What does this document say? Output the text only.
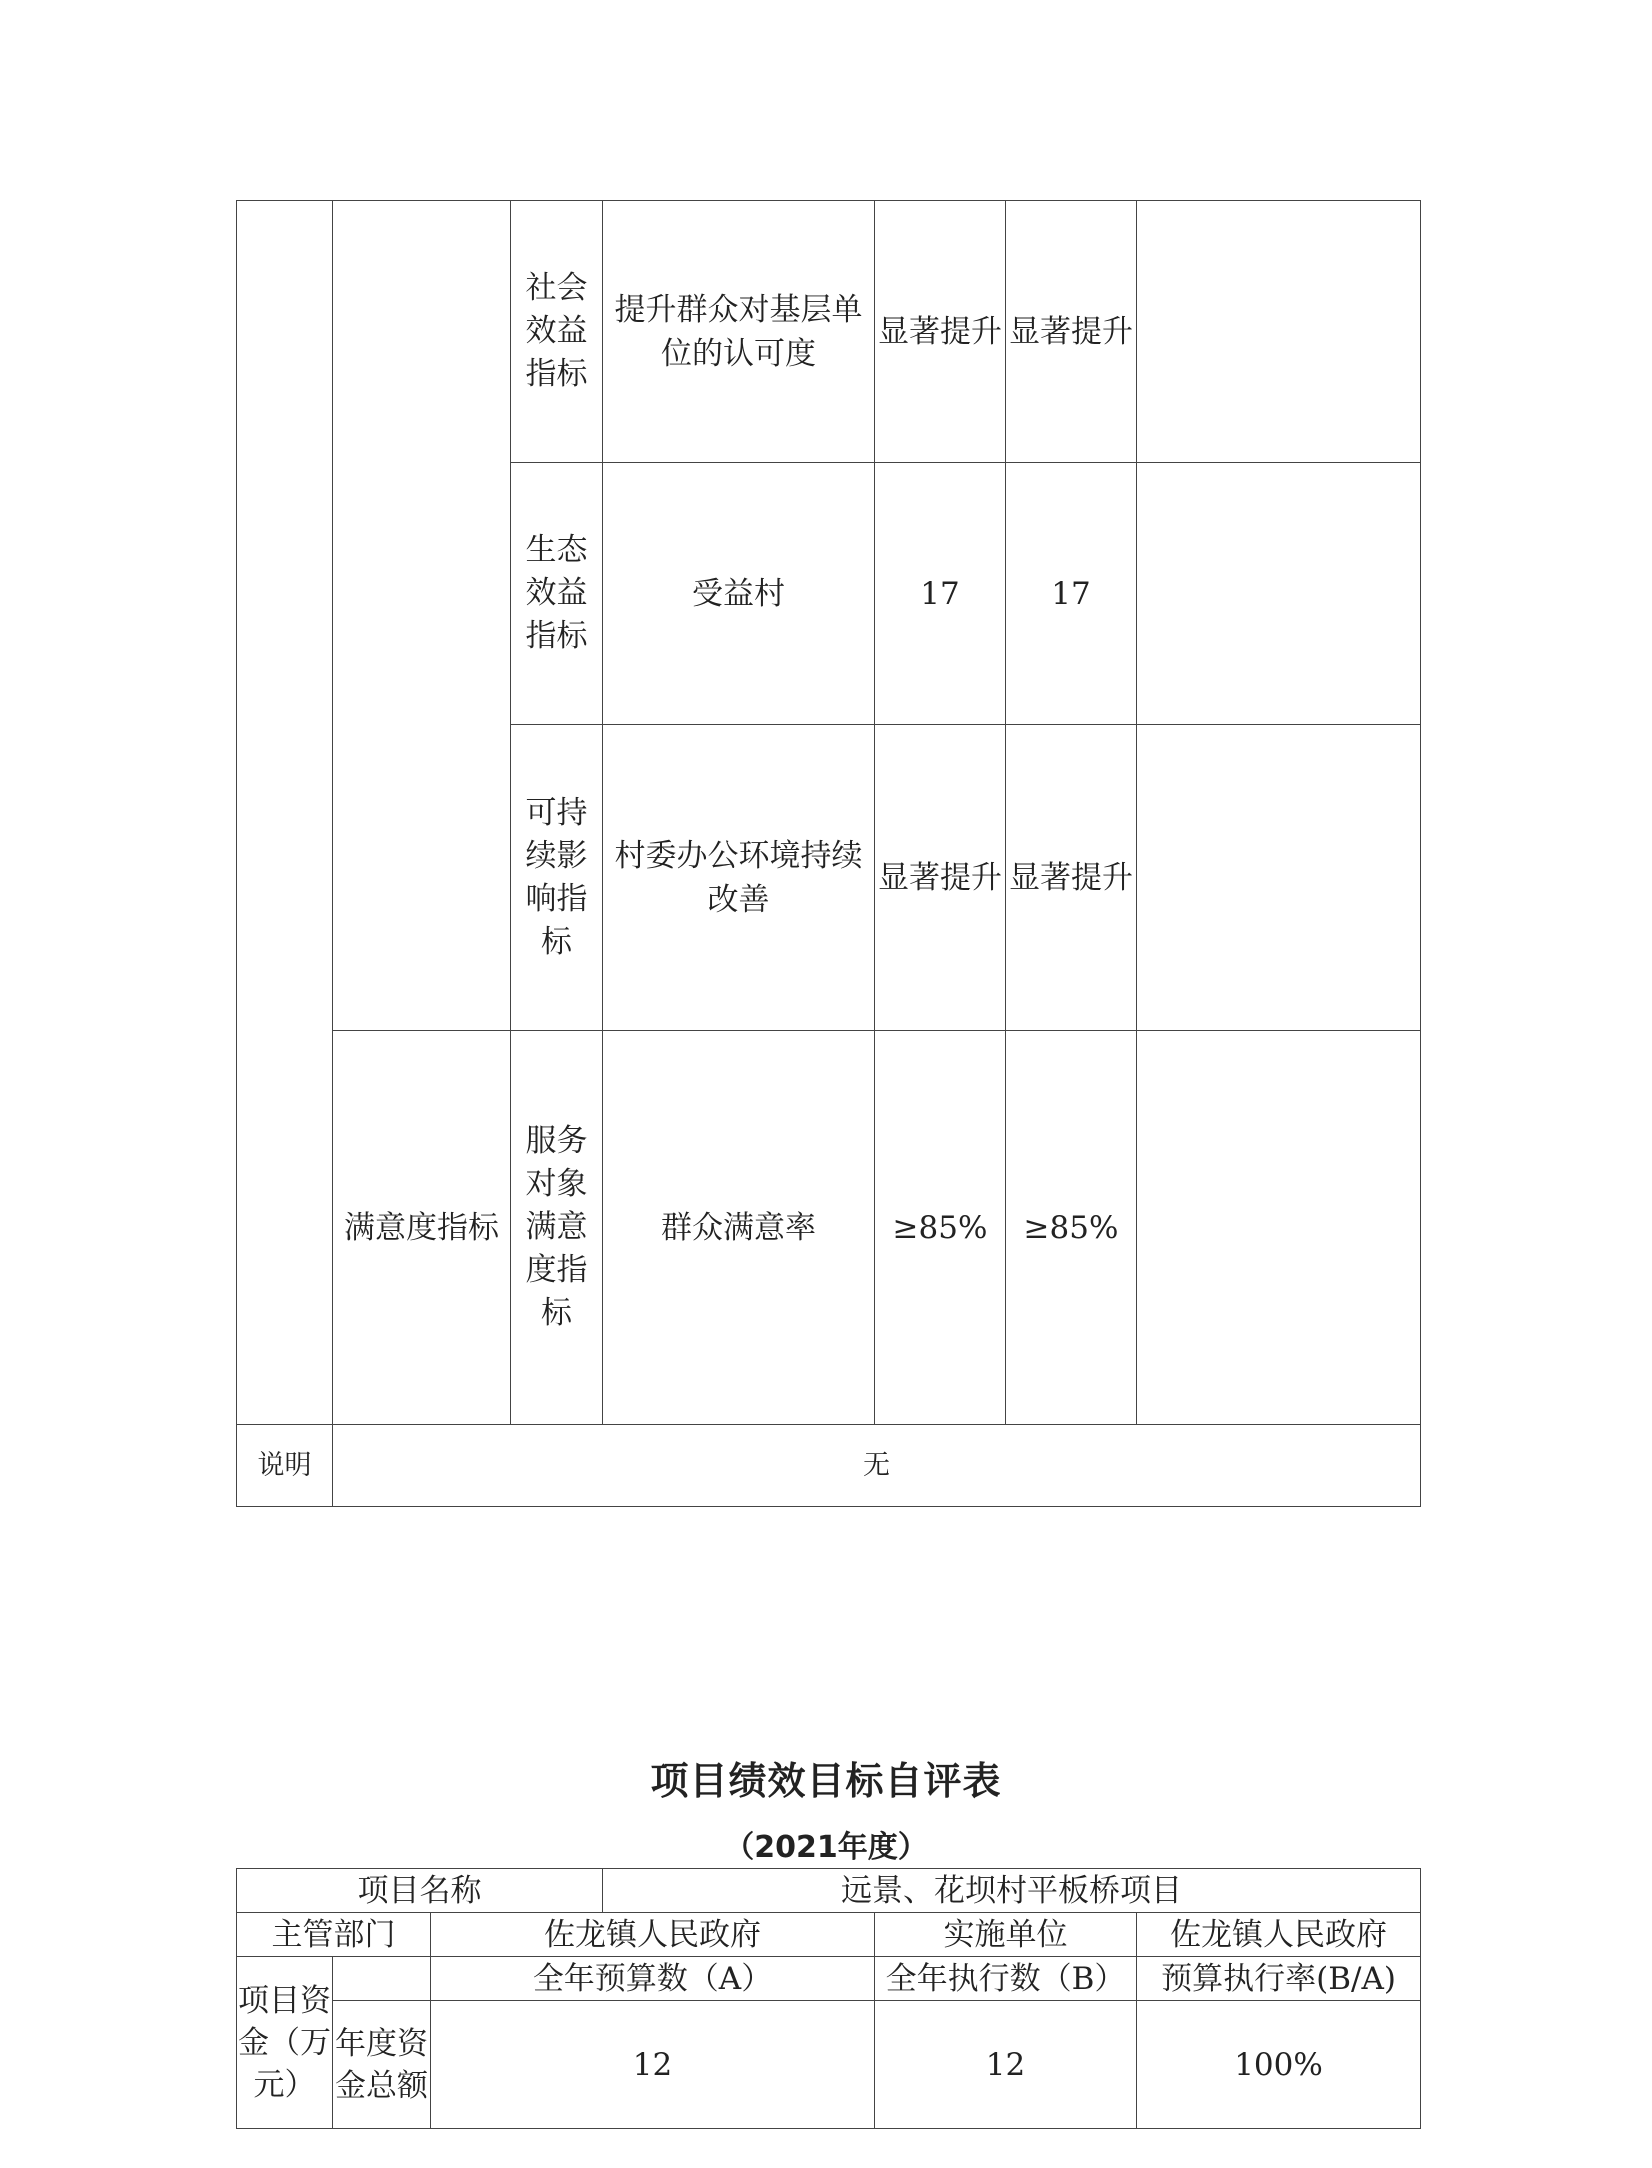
		社会效益指标	提升群众对基层单位的认可度	显著提升	显著提升	
		生态效益指标	受益村	17	17	
		可持续影响指标	村委办公环境持续改善	显著提升	显著提升	
	满意度指标	服务对象满意度指标	群众满意率	≥85%	≥85%	
说明	无					
项目绩效目标自评表
（2021年度）
项目名称			远景、花坝村平板桥项目		
主管部门		佐龙镇人民政府		实施单位	佐龙镇人民政府
项目资金（万元）		全年预算数（A）		全年执行数（B）	预算执行率(B/A)
	年度资金总额	12		12	100%
